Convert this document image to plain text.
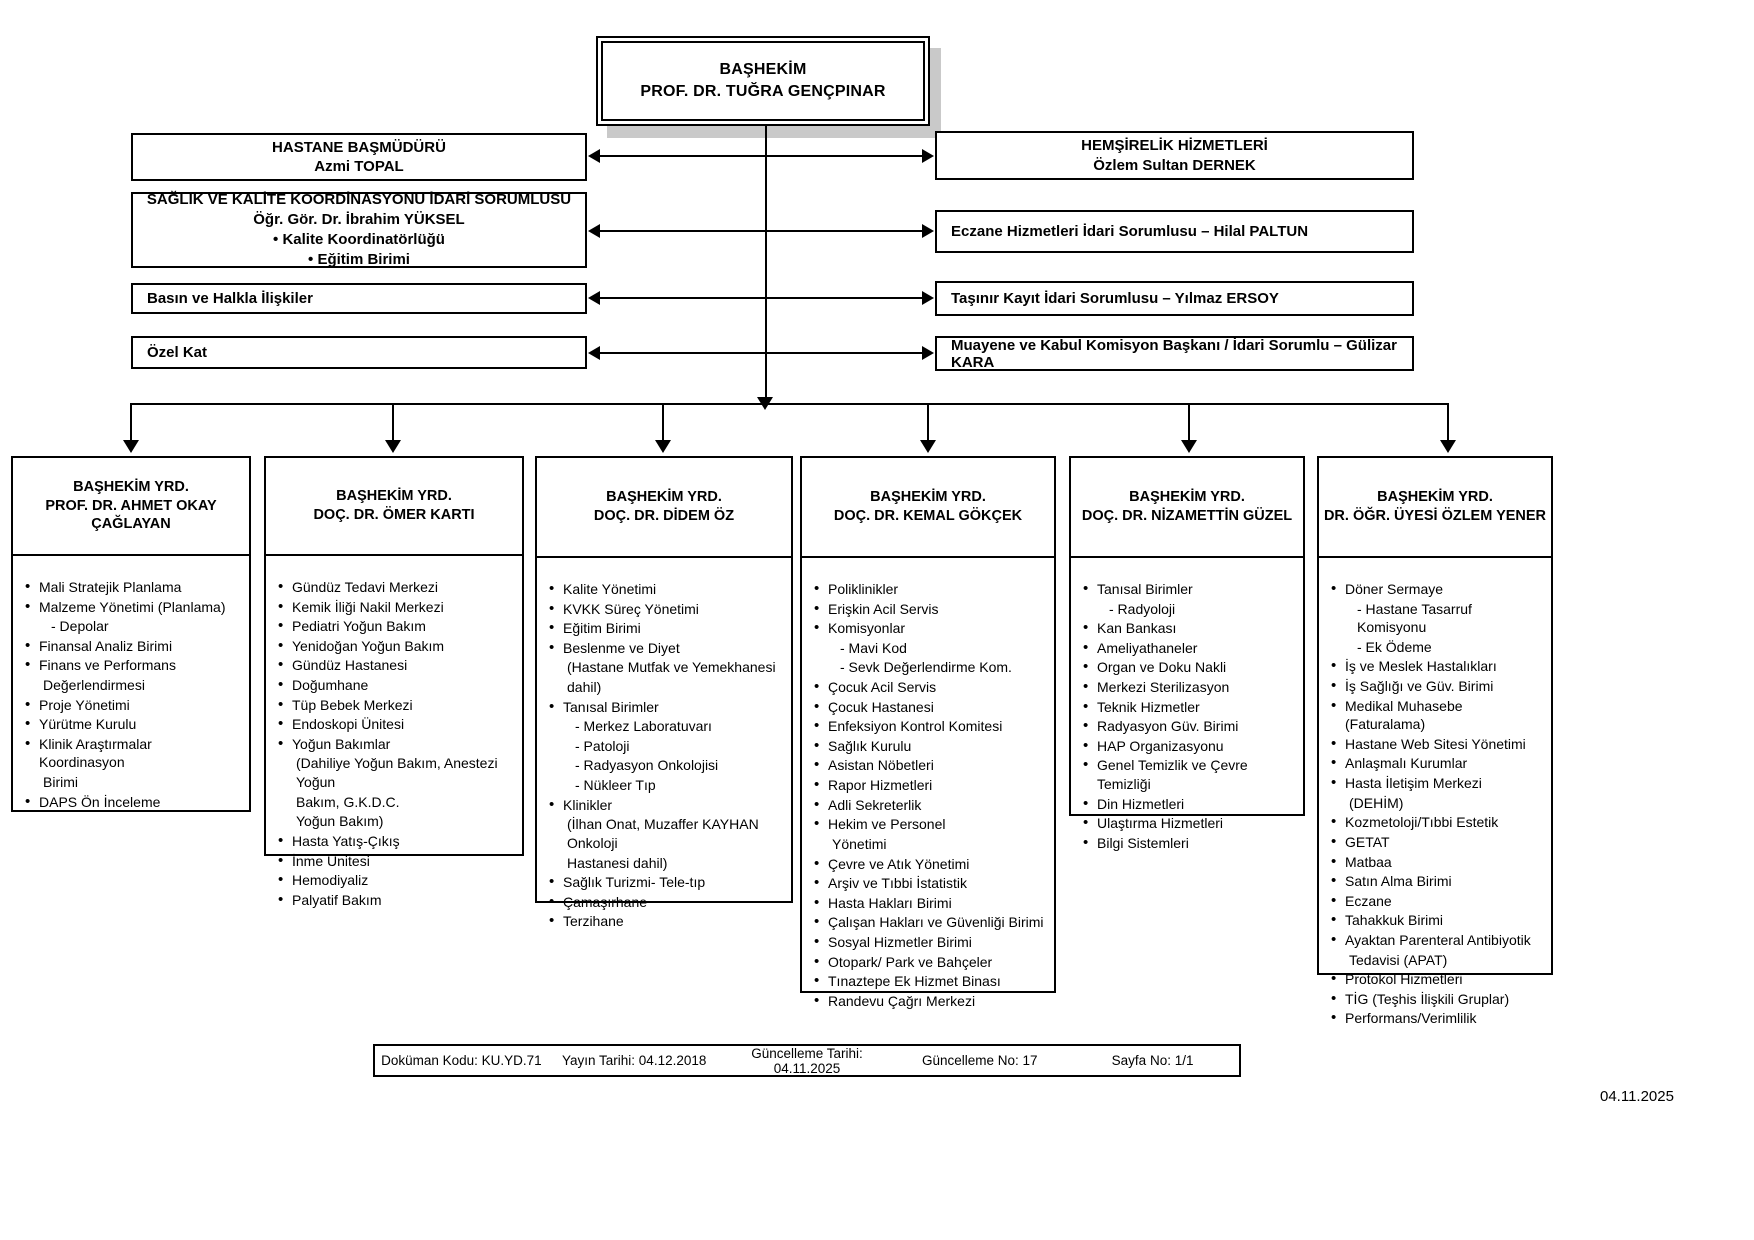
BAŞHEKİM
PROF. DR. TUĞRA GENÇPINAR
HASTANE BAŞMÜDÜRÜ
Azmi TOPAL
SAĞLIK VE KALİTE KOORDİNASYONU İDARİ SORUMLUSU
Öğr. Gör. Dr. İbrahim YÜKSEL
• Kalite Koordinatörlüğü
• Eğitim Birimi
Basın ve Halkla İlişkiler
Özel Kat
HEMŞİRELİK HİZMETLERİ
Özlem Sultan DERNEK
Eczane Hizmetleri İdari Sorumlusu – Hilal PALTUN
Taşınır Kayıt İdari Sorumlusu – Yılmaz ERSOY
Muayene ve Kabul Komisyon Başkanı / İdari Sorumlu – Gülizar KARA
BAŞHEKİM YRD.
PROF. DR. AHMET OKAY ÇAĞLAYAN
• Mali Stratejik Planlama
• Malzeme Yönetimi (Planlama)
- Depolar
• Finansal Analiz Birimi
• Finans ve Performans
Değerlendirmesi
• Proje Yönetimi
• Yürütme Kurulu
• Klinik Araştırmalar Koordinasyon
Birimi
• DAPS Ön İnceleme
BAŞHEKİM YRD.
DOÇ. DR. ÖMER KARTI
• Gündüz Tedavi Merkezi
• Kemik İliği Nakil Merkezi
• Pediatri Yoğun Bakım
• Yenidoğan Yoğun Bakım
• Gündüz Hastanesi
• Doğumhane
• Tüp Bebek Merkezi
• Endoskopi Ünitesi
• Yoğun Bakımlar
(Dahiliye Yoğun Bakım, Anestezi Yoğun
Bakım, G.K.D.C.
Yoğun Bakım)
• Hasta Yatış-Çıkış
• İnme Ünitesi
• Hemodiyaliz
• Palyatif Bakım
BAŞHEKİM YRD.
DOÇ. DR. DİDEM ÖZ
• Kalite Yönetimi
• KVKK Süreç Yönetimi
• Eğitim Birimi
• Beslenme ve Diyet
(Hastane Mutfak ve Yemekhanesi
dahil)
• Tanısal Birimler
- Merkez Laboratuvarı
- Patoloji
- Radyasyon Onkolojisi
- Nükleer Tıp
• Klinikler
(İlhan Onat, Muzaffer KAYHAN Onkoloji
Hastanesi dahil)
• Sağlık Turizmi- Tele-tıp
• Çamaşırhane
• Terzihane
BAŞHEKİM YRD.
DOÇ. DR. KEMAL GÖKÇEK
• Poliklinikler
• Erişkin Acil Servis
• Komisyonlar
- Mavi Kod
- Sevk Değerlendirme Kom.
• Çocuk Acil Servis
• Çocuk Hastanesi
• Enfeksiyon Kontrol Komitesi
• Sağlık Kurulu
• Asistan Nöbetleri
• Rapor Hizmetleri
• Adli Sekreterlik
• Hekim ve Personel
Yönetimi
• Çevre ve Atık Yönetimi
• Arşiv ve Tıbbi İstatistik
• Hasta Hakları Birimi
• Çalışan Hakları ve Güvenliği Birimi
• Sosyal Hizmetler Birimi
• Otopark/ Park ve Bahçeler
• Tınaztepe Ek Hizmet Binası
• Randevu Çağrı Merkezi
BAŞHEKİM YRD.
DOÇ. DR. NİZAMETTİN GÜZEL
• Tanısal Birimler
- Radyoloji
• Kan Bankası
• Ameliyathaneler
• Organ ve Doku Nakli
• Merkezi Sterilizasyon
• Teknik Hizmetler
• Radyasyon Güv. Birimi
• HAP Organizasyonu
• Genel Temizlik ve Çevre Temizliği
• Din Hizmetleri
• Ulaştırma Hizmetleri
• Bilgi Sistemleri
BAŞHEKİM YRD.
DR. ÖĞR. ÜYESİ ÖZLEM YENER
• Döner Sermaye
- Hastane Tasarruf Komisyonu
- Ek Ödeme
• İş ve Meslek Hastalıkları
• İş Sağlığı ve Güv. Birimi
• Medikal Muhasebe (Faturalama)
• Hastane Web Sitesi Yönetimi
• Anlaşmalı Kurumlar
• Hasta İletişim Merkezi
(DEHİM)
• Kozmetoloji/Tıbbi Estetik
• GETAT
• Matbaa
• Satın Alma Birimi
• Eczane
• Tahakkuk Birimi
• Ayaktan Parenteral Antibiyotik
Tedavisi (APAT)
• Protokol Hizmetleri
• TİG (Teşhis İlişkili Gruplar)
• Performans/Verimlilik
Doküman Kodu: KU.YD.71	Yayın Tarihi: 04.12.2018	Güncelleme Tarihi: 04.11.2025	Güncelleme No: 17	Sayfa No: 1/1
04.11.2025
